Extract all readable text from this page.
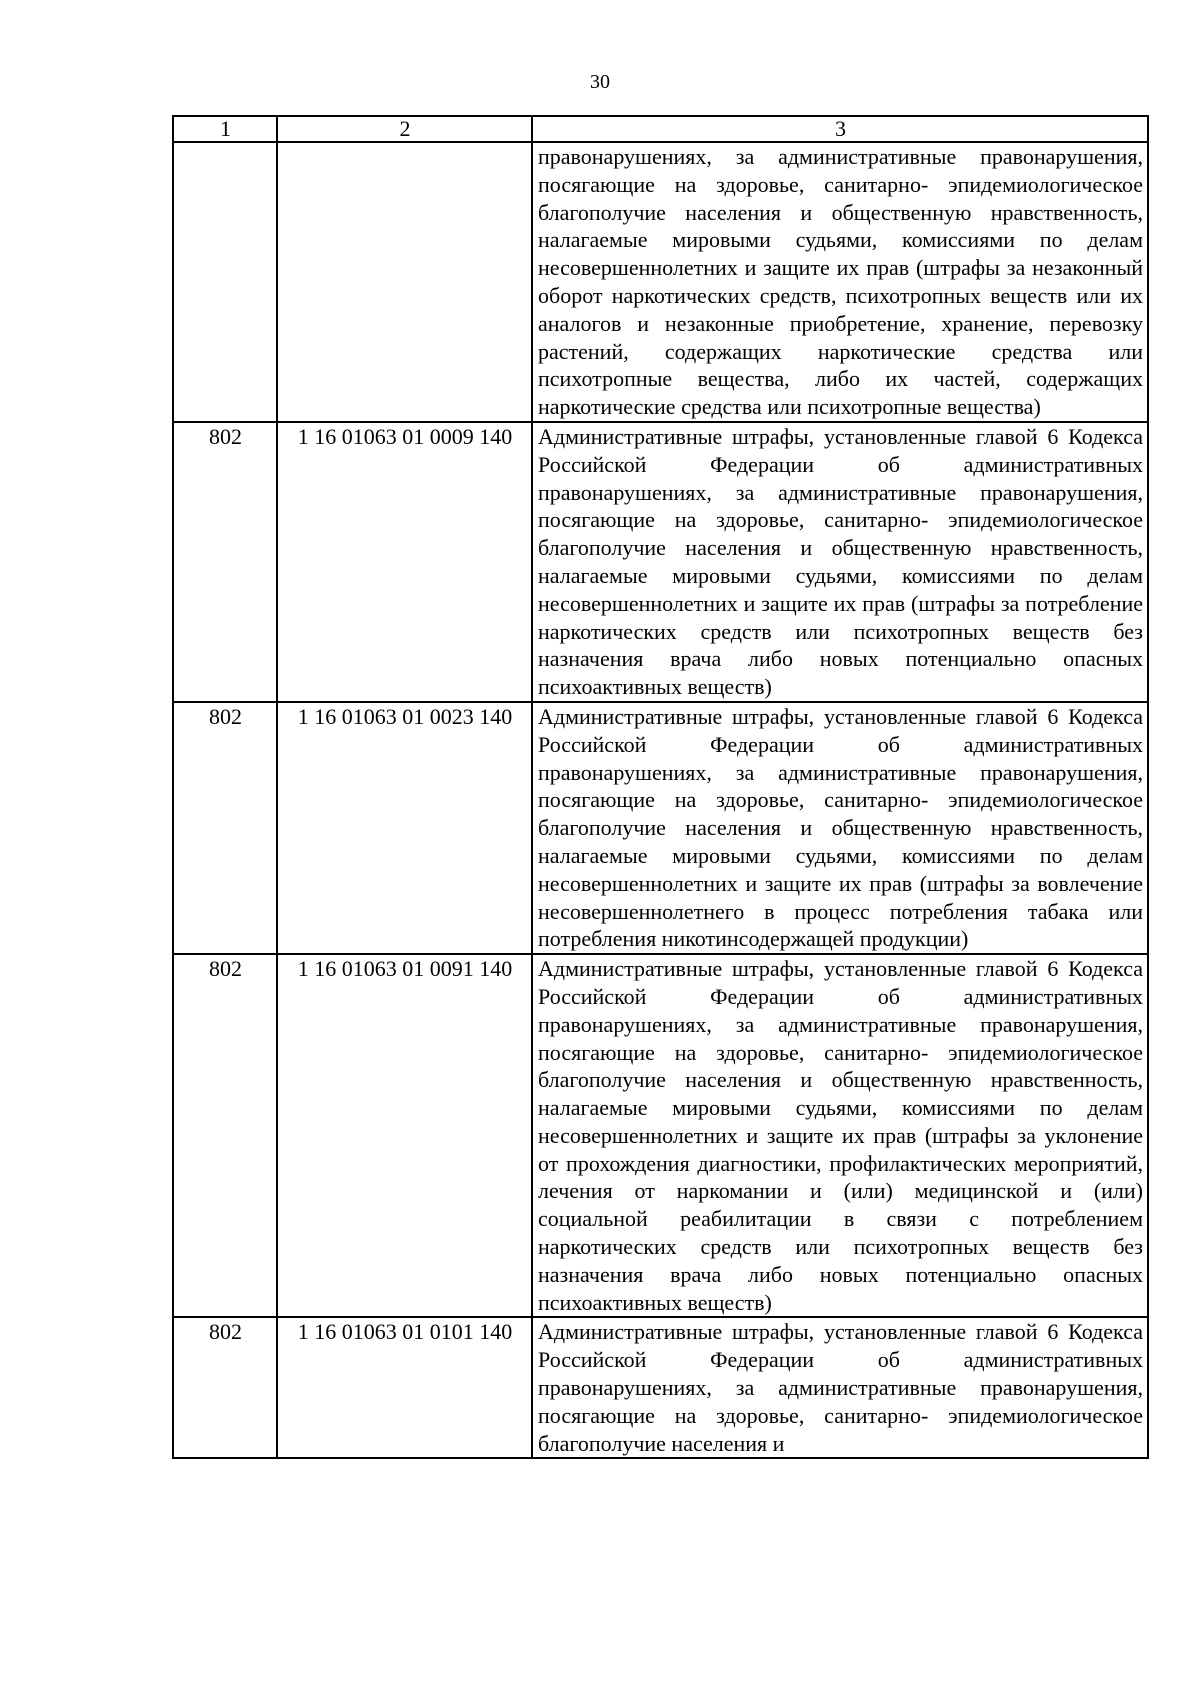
30
1	2	3
		правонарушениях, за административные правонарушения, посягающие на здоровье, санитарно- эпидемиологическое благополучие населения и общественную нравственность, налагаемые мировыми судьями, комиссиями по делам несовершеннолетних и защите их прав (штрафы за незаконный оборот наркотических средств, психотропных веществ или их аналогов и незаконные приобретение, хранение, перевозку растений, содержащих наркотические средства или психотропные вещества, либо их частей, содержащих наркотические средства или психотропные вещества)
802	1 16 01063 01 0009 140	Административные штрафы, установленные главой 6 Кодекса Российской Федерации об административных правонарушениях, за административные правонарушения, посягающие на здоровье, санитарно- эпидемиологическое благополучие населения и общественную нравственность, налагаемые мировыми судьями, комиссиями по делам несовершеннолетних и защите их прав (штрафы за потребление наркотических средств или психотропных веществ без назначения врача либо новых потенциально опасных психоактивных веществ)
802	1 16 01063 01 0023 140	Административные штрафы, установленные главой 6 Кодекса Российской Федерации об административных правонарушениях, за административные правонарушения, посягающие на здоровье, санитарно- эпидемиологическое благополучие населения и общественную нравственность, налагаемые мировыми судьями, комиссиями по делам несовершеннолетних и защите их прав (штрафы за вовлечение несовершеннолетнего в процесс потребления табака или потребления никотинсодержащей продукции)
802	1 16 01063 01 0091 140	Административные штрафы, установленные главой 6 Кодекса Российской Федерации об административных правонарушениях, за административные правонарушения, посягающие на здоровье, санитарно- эпидемиологическое благополучие населения и общественную нравственность, налагаемые мировыми судьями, комиссиями по делам несовершеннолетних и защите их прав (штрафы за уклонение от прохождения диагностики, профилактических мероприятий, лечения от наркомании и (или) медицинской и (или) социальной реабилитации в связи с потреблением наркотических средств или психотропных веществ без назначения врача либо новых потенциально опасных психоактивных веществ)
802	1 16 01063 01 0101 140	Административные штрафы, установленные главой 6 Кодекса Российской Федерации об административных правонарушениях, за административные правонарушения, посягающие на здоровье, санитарно- эпидемиологическое благополучие населения и
